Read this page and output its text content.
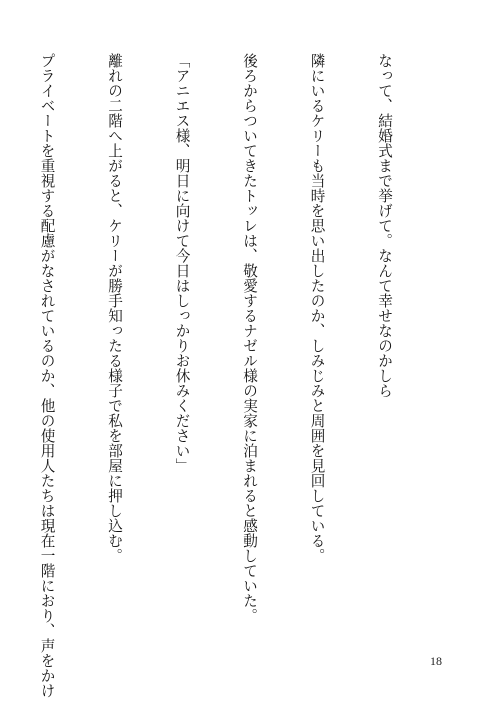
なって、結婚式まで挙げて。なんて幸せなのかしら

隣にいるケリーも当時を思い出したのか、しみじみと周囲を見回している。

後ろからついてきたトッレは、敬愛するナゼル様の実家に泊まれると感動していた。

「アニエス様、明日に向けて今日はしっかりお休みください」

離れの二階へ上がると、ケリーが勝手知ったる様子で私を部屋に押し込む。

プライベートを重視する配慮がなされているのか、他の使用人たちは現在一階におり、声をかけ

	18
